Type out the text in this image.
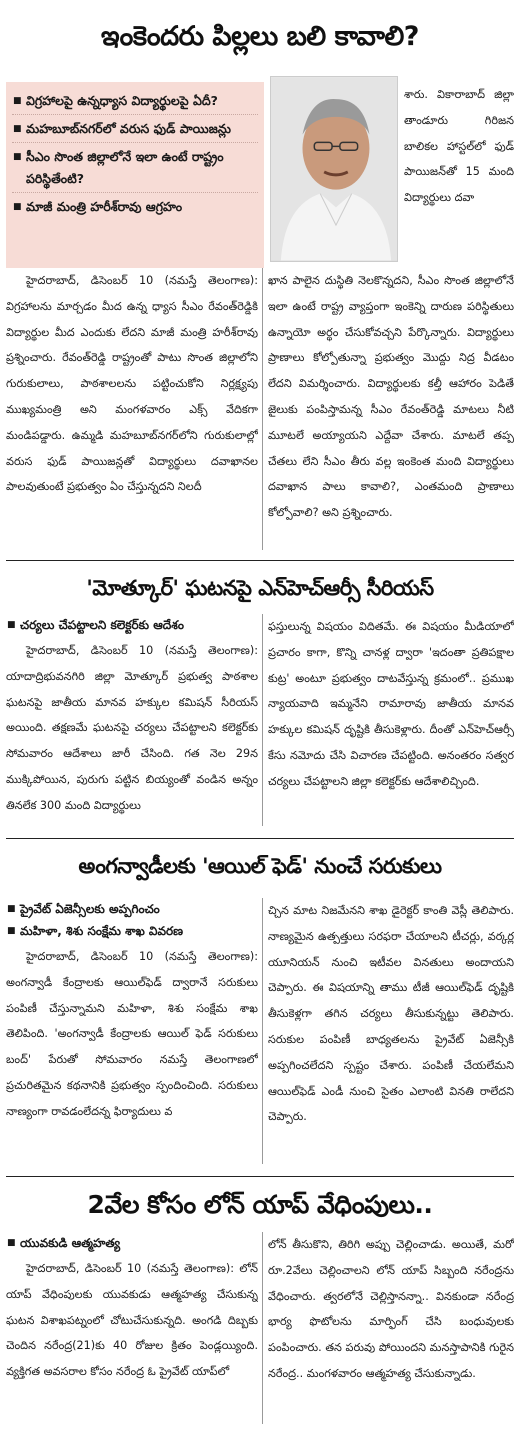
ఇంకెందరు పిల్లలు బలి కావాలి?
■ విగ్రహాలపై ఉన్నధ్యాస విద్యార్థులపై ఏదీ?
■ మహబూబ్‌నగర్‌లో వరుస ఫుడ్ పాయిజన్లు
■ సీఎం సొంత జిల్లాలోనే ఇలా ఉంటే రాష్ట్రం పరిస్థితేంటి?
■ మాజీ మంత్రి హరీశ్‌రావు ఆగ్రహం
శారు. వికారాబాద్ జిల్లా తాండూరు గిరిజన బాలికల హాస్టల్‌లో ఫుడ్ పాయిజన్‌తో 15 మంది విద్యార్థులు దవా

హైదరాబాద్, డిసెంబర్ 10 (నమస్తే తెలంగాణ): విగ్రహాలను మార్చడం మీద ఉన్న ధ్యాస సీఎం రేవంత్‌రెడ్డికి విద్యార్థుల మీద ఎందుకు లేదని మాజీ మంత్రి హరీశ్‌రావు ప్రశ్నించారు. రేవంత్‌రెడ్డి రాష్ట్రంతో పాటు సొంత జిల్లాలోని గురుకులాలు, పాఠశాలలను పట్టించుకోని నిర్లక్ష్యపు ముఖ్యమంత్రి అని మంగళవారం ఎక్స్ వేదికగా మండిపడ్డారు. ఉమ్మడి మహబూబ్‌నగర్‌లోని గురుకులాల్లో వరుస ఫుడ్ పాయిజన్లతో విద్యార్థులు దవాఖానల పాలవుతుంటే ప్రభుత్వం ఏం చేస్తున్నదని నిలదీ

ఖాన పాలైన దుస్థితి నెలకొన్నదని, సీఎం సొంత జిల్లాలోనే ఇలా ఉంటే రాష్ట్ర వ్యాప్తంగా ఇంకెన్ని దారుణ పరిస్థితులు ఉన్నాయో అర్థం చేసుకోవచ్చని పేర్కొన్నారు. విద్యార్థులు ప్రాణాలు కోల్పోతున్నా ప్రభుత్వం మొద్దు నిద్ర వీడటం లేదని విమర్శించారు. విద్యార్థులకు కల్తీ ఆహారం పెడితే జైలుకు పంపిస్తామన్న సీఎం రేవంత్‌రెడ్డి మాటలు నీటి మూటలే అయ్యాయని ఎద్దేవా చేశారు. మాటలే తప్ప చేతలు లేని సీఎం తీరు వల్ల ఇంకెంత మంది విద్యార్థులు దవాఖాన పాలు కావాలి?, ఎంతమంది ప్రాణాలు కోల్పోవాలి? అని ప్రశ్నించారు.

'మోత్కూర్' ఘటనపై ఎన్‌హెచ్‌ఆర్సీ సీరియస్
■ చర్యలు చేపట్టాలని కలెక్టర్‌కు ఆదేశం

హైదరాబాద్, డిసెంబర్ 10 (నమస్తే తెలంగాణ): యాదాద్రిభువనగిరి జిల్లా మోత్కూర్ ప్రభుత్వ పాఠశాల ఘటనపై జాతీయ మానవ హక్కుల కమిషన్ సీరియస్ అయింది. తక్షణమే ఘటనపై చర్యలు చేపట్టాలని కలెక్టర్‌కు సోమవారం ఆదేశాలు జారీ చేసింది. గత నెల 29న ముక్కిపోయిన, పురుగు పట్టిన బియ్యంతో వండిన అన్నం తినలేక 300 మంది విద్యార్థులు

ఫస్తులున్న విషయం విదితమే. ఈ విషయం మీడియాలో ప్రచారం కాగా, కొన్ని చానళ్ల ద్వారా 'ఇదంతా ప్రతిపక్షాల కుట్ర' అంటూ ప్రభుత్వం దాటవేస్తున్న క్రమంలో.. ప్రముఖ న్యాయవాది ఇమ్మనేని రామారావు జాతీయ మానవ హక్కుల కమిషన్ దృష్టికి తీసుకెళ్లారు. దీంతో ఎన్‌హెచ్‌ఆర్సీ కేసు నమోదు చేసి విచారణ చేపట్టింది. అనంతరం సత్వర చర్యలు చేపట్టాలని జిల్లా కలెక్టర్‌కు ఆదేశాలిచ్చింది.

అంగన్వాడీలకు 'ఆయిల్ ఫెడ్' నుంచే సరుకులు
■ ప్రైవేట్ ఏజెన్సీలకు అప్పగించం
■ మహిళా, శిశు సంక్షేమ శాఖ వివరణ

హైదరాబాద్, డిసెంబర్ 10 (నమస్తే తెలంగాణ): అంగన్వాడీ కేంద్రాలకు ఆయిల్‌ఫెడ్ ద్వారానే సరుకులు పంపిణీ చేస్తున్నామని మహిళా, శిశు సంక్షేమ శాఖ తెలిపింది. 'అంగన్వాడీ కేంద్రాలకు ఆయిల్ ఫెడ్ సరుకులు బంద్' పేరుతో సోమవారం నమస్తే తెలంగాణలో ప్రచురితమైన కథనానికి ప్రభుత్వం స్పందించింది. సరుకులు నాణ్యంగా రావడంలేదన్న ఫిర్యాదులు వ

చ్చిన మాట నిజమేనని శాఖ డైరెక్టర్ కాంతి వెస్లీ తెలిపారు. నాణ్యమైన ఉత్పత్తులు సరఫరా చేయాలని టీచర్లు, వర్కర్ల యూనియన్ నుంచి ఇటీవల వినతులు అందాయని చెప్పారు. ఈ విషయాన్ని తాము టీజీ ఆయిల్‌ఫెడ్ దృష్టికి తీసుకెళ్లగా తగిన చర్యలు తీసుకున్నట్టు తెలిపారు. సరుకుల పంపిణీ బాధ్యతలను ప్రైవేట్ ఏజెన్సీకి అప్పగించలేదని స్పష్టం చేశారు. పంపిణీ చేయలేమని ఆయిల్‌ఫెడ్ ఎండీ నుంచి సైతం ఎలాంటి వినతి రాలేదని చెప్పారు.

2వేల కోసం లోన్ యాప్ వేధింపులు..
■ యువకుడి ఆత్మహత్య

హైదరాబాద్, డిసెంబర్ 10 (నమస్తే తెలంగాణ): లోన్ యాప్ వేధింపులకు యువకుడు ఆత్మహత్య చేసుకున్న ఘటన విశాఖపట్నంలో చోటుచేసుకున్నది. అంగడి దిబ్బకు చెందిన నరేంద్ర(21)కు 40 రోజుల క్రితం పెండ్లయ్యింది. వ్యక్తిగత అవసరాల కోసం నరేంద్ర ఓ ప్రైవేట్ యాప్‌లో

లోన్ తీసుకొని, తిరిగి అప్పు చెల్లించాడు. అయితే, మరో రూ.2వేలు చెల్లించాలని లోన్ యాప్ సిబ్బంది నరేంద్రను వేధించారు. త్వరలోనే చెల్లిస్తానన్నా.. వినకుండా నరేంద్ర భార్య ఫొటోలను మార్ఫింగ్ చేసి బంధువులకు పంపించారు. తన పరువు పోయిందని మనస్తాపానికి గురైన నరేంద్ర.. మంగళవారం ఆత్మహత్య చేసుకున్నాడు.
